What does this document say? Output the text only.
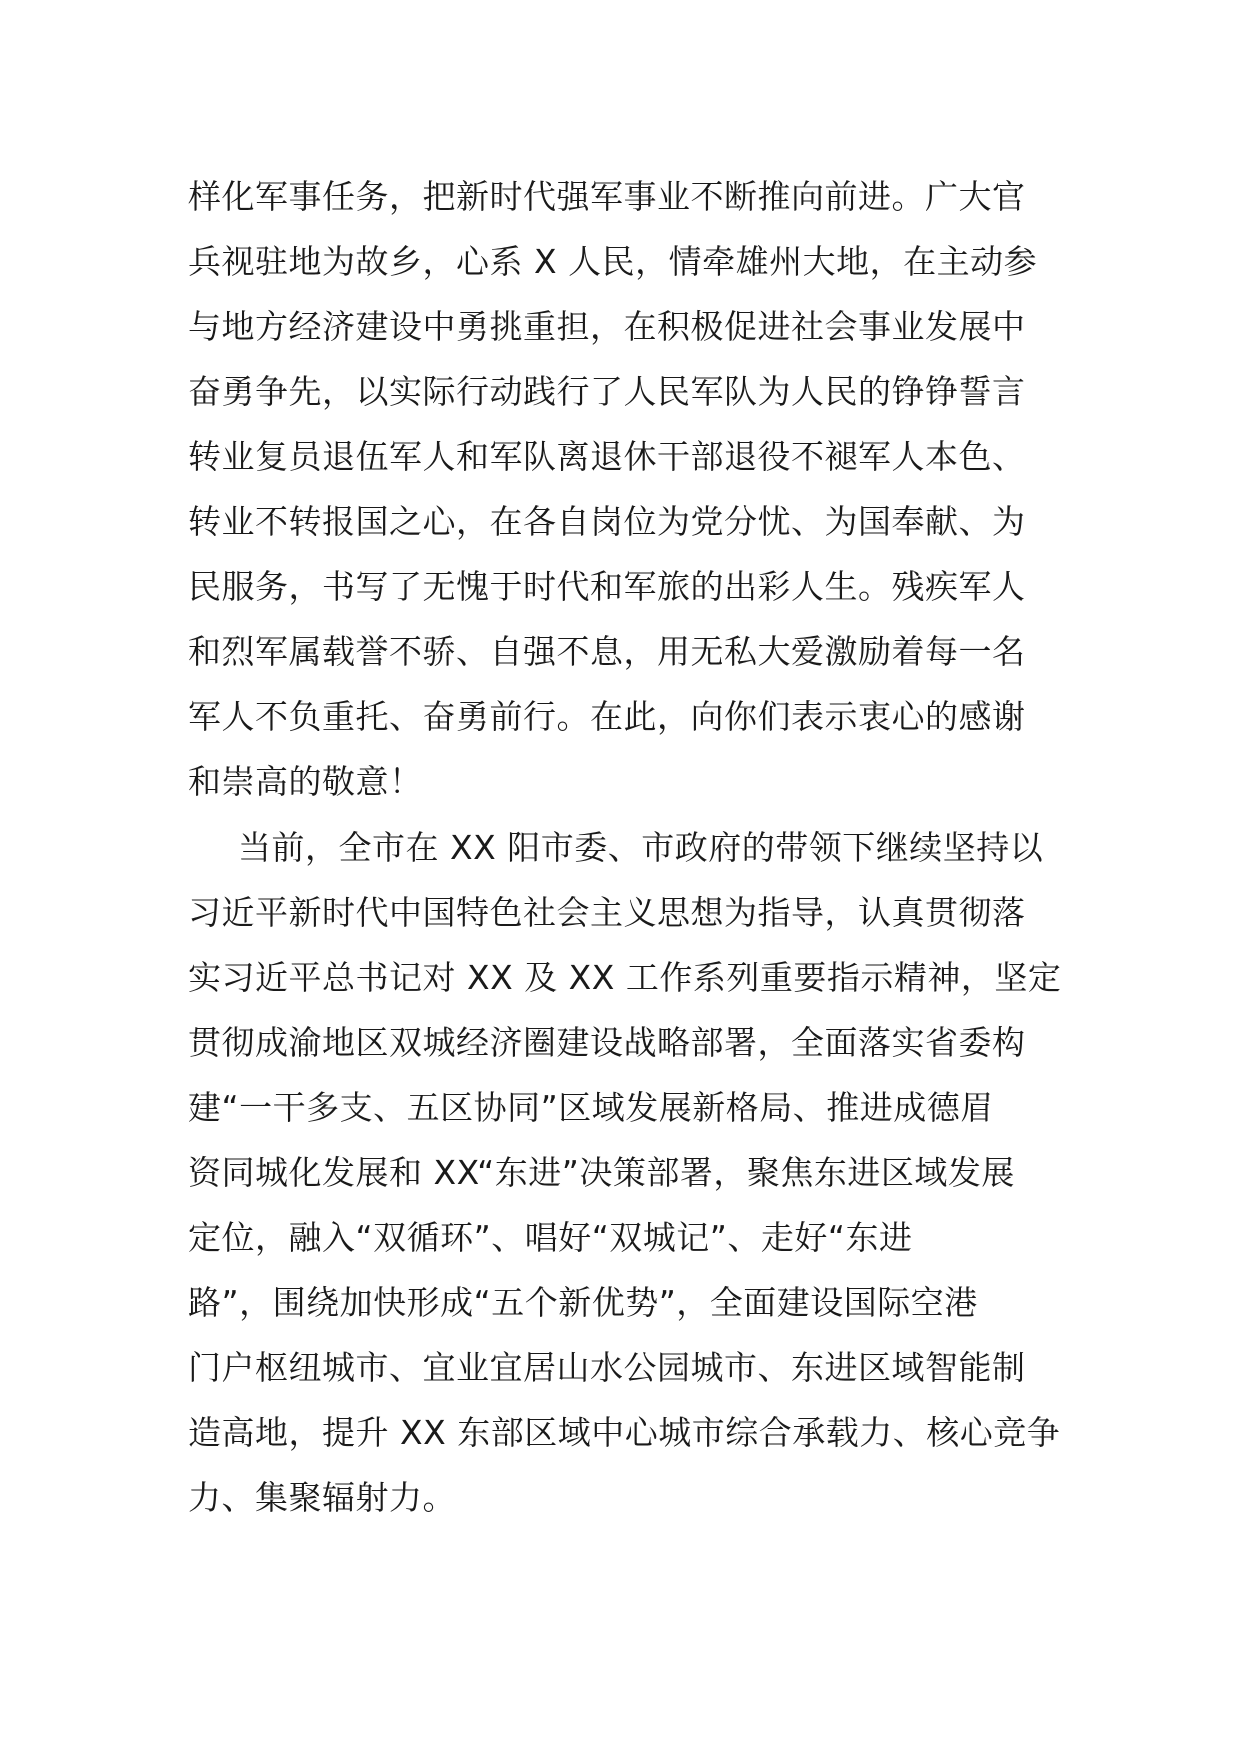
样化军事任务，把新时代强军事业不断推向前进。广大官
兵视驻地为故乡，心系 X 人民，情牵雄州大地，在主动参
与地方经济建设中勇挑重担，在积极促进社会事业发展中
奋勇争先，以实际行动践行了人民军队为人民的铮铮誓言
转业复员退伍军人和军队离退休干部退役不褪军人本色、
转业不转报国之心，在各自岗位为党分忧、为国奉献、为
民服务，书写了无愧于时代和军旅的出彩人生。残疾军人
和烈军属载誉不骄、自强不息，用无私大爱激励着每一名
军人不负重托、奋勇前行。在此，向你们表示衷心的感谢
和崇高的敬意！
当前，全市在 XX 阳市委、市政府的带领下继续坚持以
习近平新时代中国特色社会主义思想为指导，认真贯彻落
实习近平总书记对 XX 及 XX 工作系列重要指示精神，坚定
贯彻成渝地区双城经济圈建设战略部署，全面落实省委构
建“一干多支、五区协同”区域发展新格局、推进成德眉
资同城化发展和 XX“东进”决策部署，聚焦东进区域发展
定位，融入“双循环”、唱好“双城记”、走好“东进
路”，围绕加快形成“五个新优势”，全面建设国际空港
门户枢纽城市、宜业宜居山水公园城市、东进区域智能制
造高地，提升 XX 东部区域中心城市综合承载力、核心竞争
力、集聚辐射力。
